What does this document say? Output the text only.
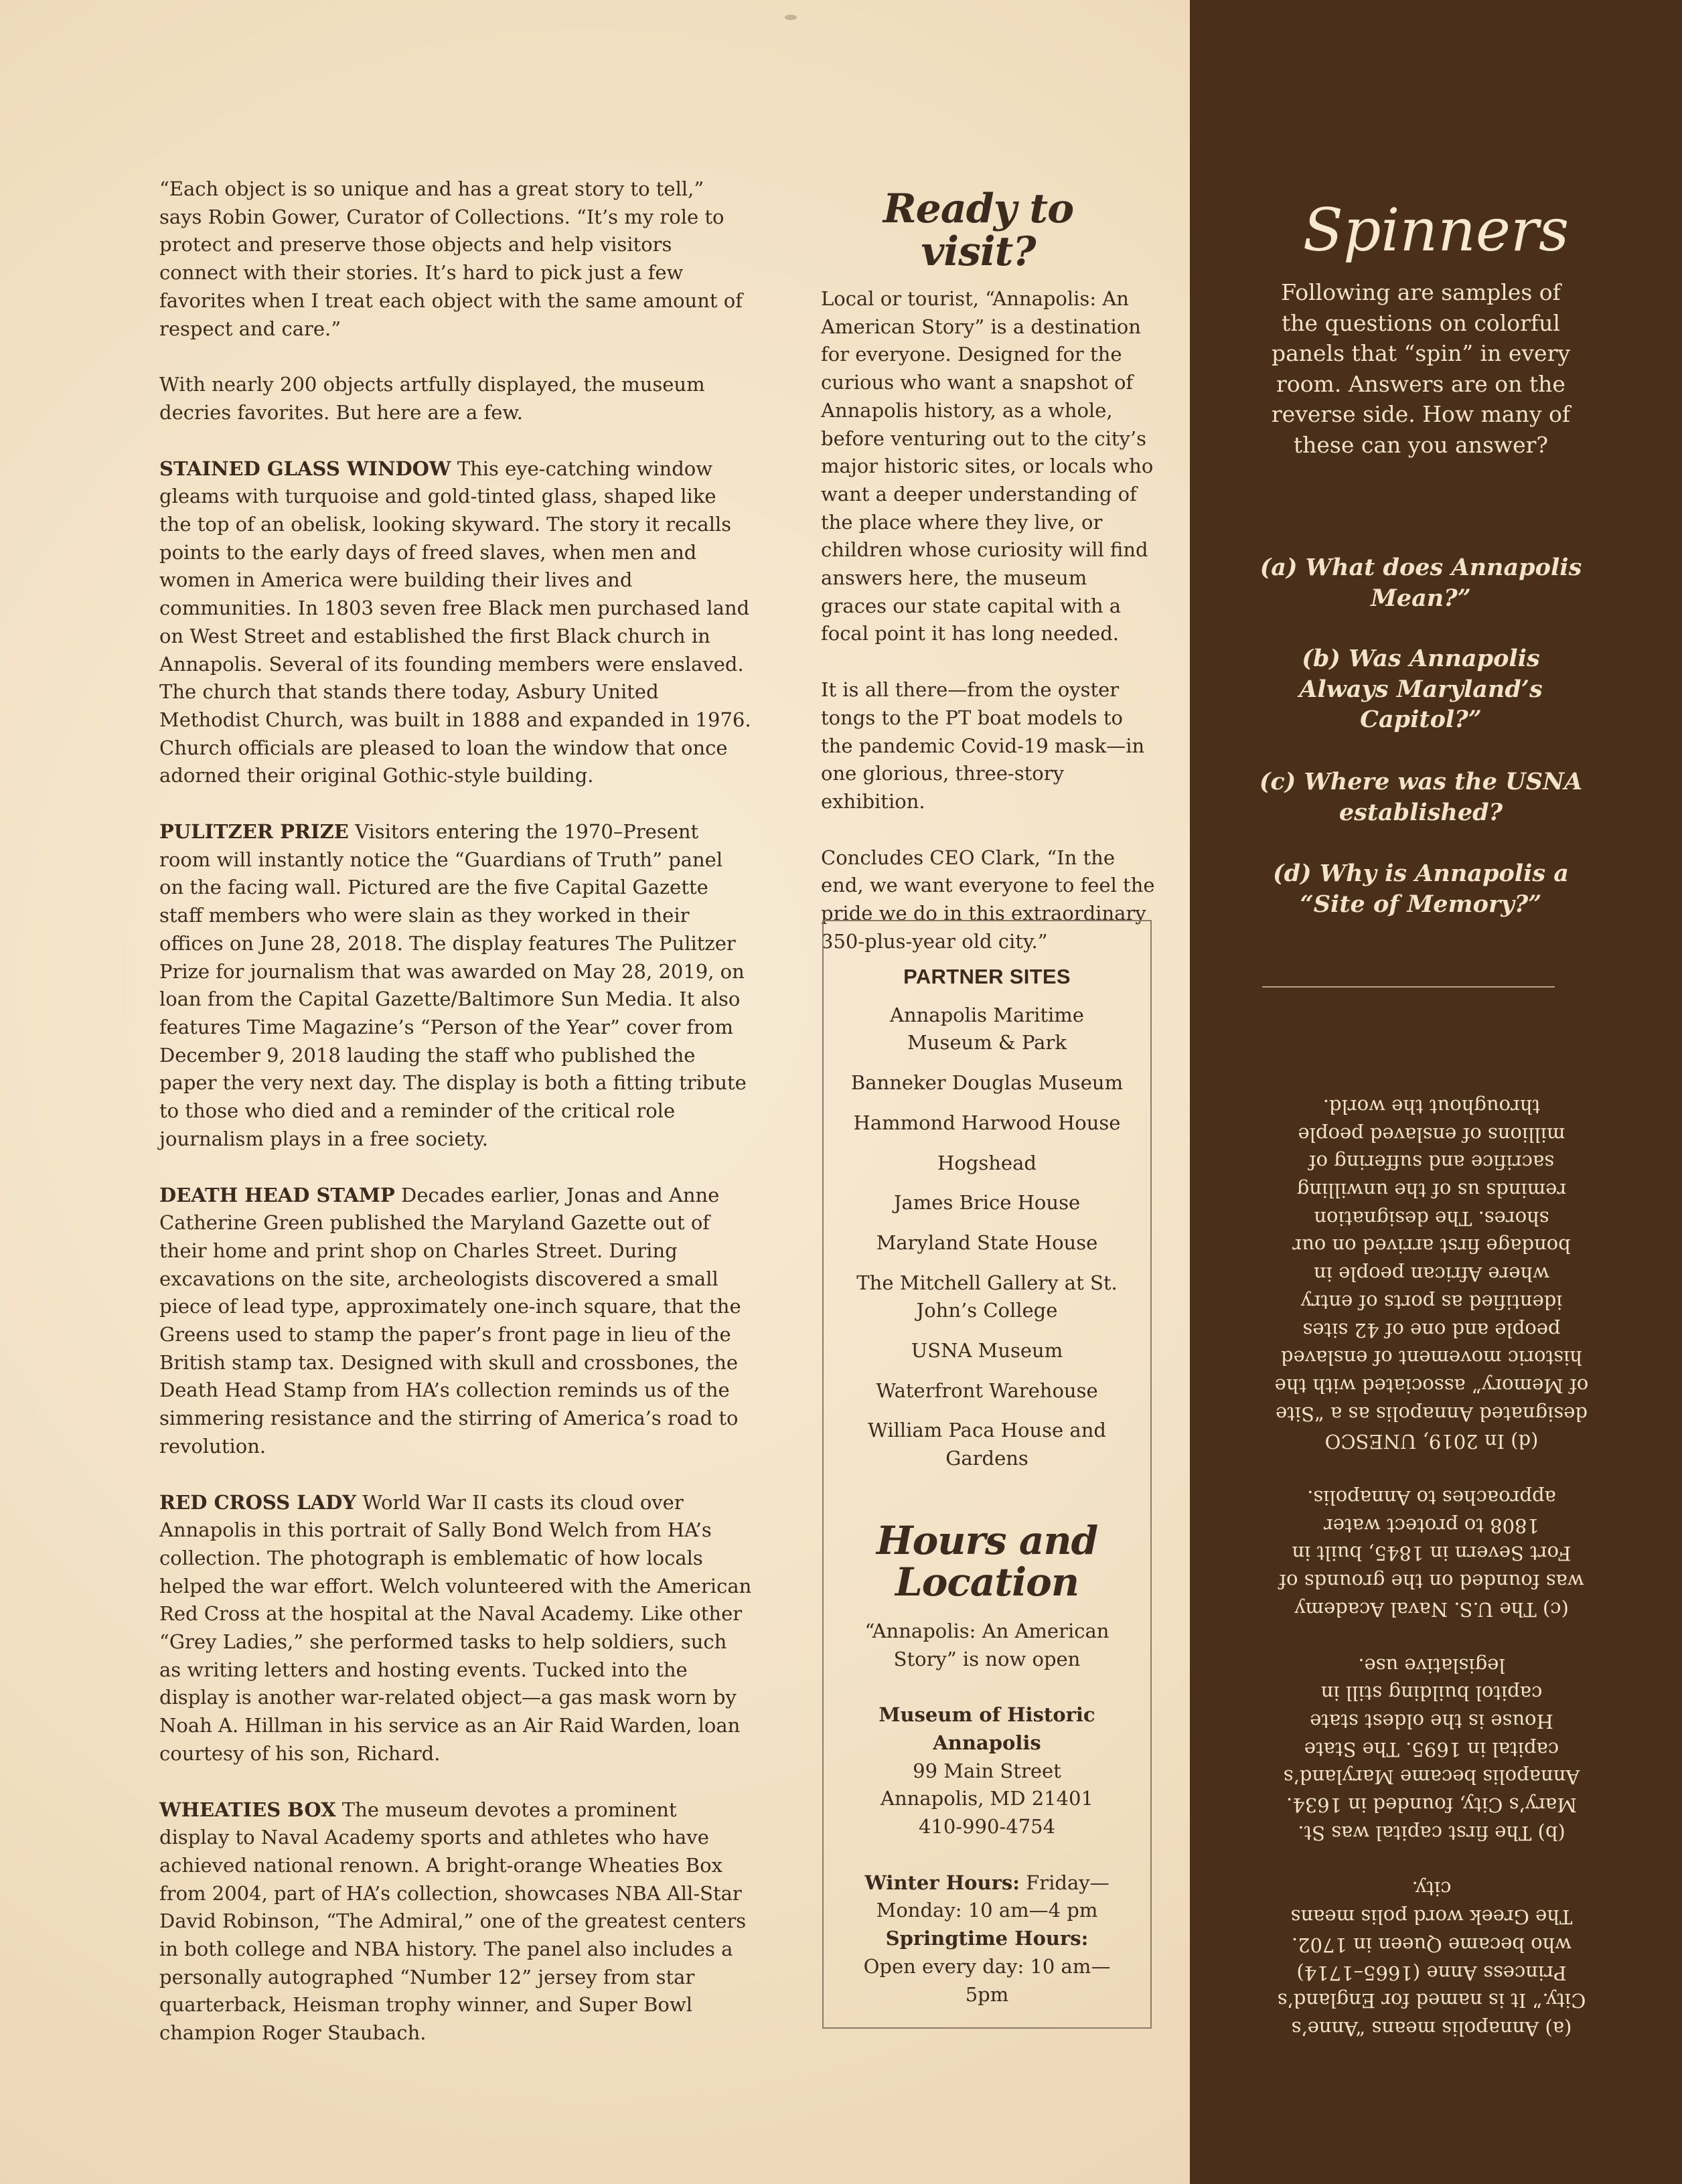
“Each object is so unique and has a great story to tell,” says Robin Gower, Curator of Collections. “It’s my role to protect and preserve those objects and help visitors connect with their stories. It’s hard to pick just a few favorites when I treat each object with the same amount of respect and care.”

With nearly 200 objects artfully displayed, the museum decries favorites. But here are a few.

STAINED GLASS WINDOW This eye-catching window gleams with turquoise and gold-tinted glass, shaped like the top of an obelisk, looking skyward. The story it recalls points to the early days of freed slaves, when men and women in America were building their lives and communities. In 1803 seven free Black men purchased land on West Street and established the first Black church in Annapolis. Several of its founding members were enslaved. The church that stands there today, Asbury United Methodist Church, was built in 1888 and expanded in 1976. Church officials are pleased to loan the window that once adorned their original Gothic-style building.

PULITZER PRIZE Visitors entering the 1970–Present room will instantly notice the “Guardians of Truth” panel on the facing wall. Pictured are the five Capital Gazette staff members who were slain as they worked in their offices on June 28, 2018. The display features The Pulitzer Prize for journalism that was awarded on May 28, 2019, on loan from the Capital Gazette/Baltimore Sun Media. It also features Time Magazine’s “Person of the Year” cover from December 9, 2018 lauding the staff who published the paper the very next day. The display is both a fitting tribute to those who died and a reminder of the critical role journalism plays in a free society.

DEATH HEAD STAMP Decades earlier, Jonas and Anne Catherine Green published the Maryland Gazette out of their home and print shop on Charles Street. During excavations on the site, archeologists discovered a small piece of lead type, approximately one-inch square, that the Greens used to stamp the paper’s front page in lieu of the British stamp tax. Designed with skull and crossbones, the Death Head Stamp from HA’s collection reminds us of the simmering resistance and the stirring of America’s road to revolution.

RED CROSS LADY World War II casts its cloud over Annapolis in this portrait of Sally Bond Welch from HA’s collection. The photograph is emblematic of how locals helped the war effort. Welch volunteered with the American Red Cross at the hospital at the Naval Academy. Like other “Grey Ladies,” she performed tasks to help soldiers, such as writing letters and hosting events. Tucked into the display is another war-related object—a gas mask worn by Noah A. Hillman in his service as an Air Raid Warden, loan courtesy of his son, Richard.

WHEATIES BOX The museum devotes a prominent display to Naval Academy sports and athletes who have achieved national renown. A bright-orange Wheaties Box from 2004, part of HA’s collection, showcases NBA All-Star David Robinson, “The Admiral,” one of the greatest centers in both college and NBA history. The panel also includes a personally autographed “Number 12” jersey from star quarterback, Heisman trophy winner, and Super Bowl champion Roger Staubach.

Ready to visit?

Local or tourist, “Annapolis: An American Story” is a destination for everyone. Designed for the curious who want a snapshot of Annapolis history, as a whole, before venturing out to the city’s major historic sites, or locals who want a deeper understanding of the place where they live, or children whose curiosity will find answers here, the museum graces our state capital with a focal point it has long needed.

It is all there—from the oyster tongs to the PT boat models to the pandemic Covid-19 mask—in one glorious, three-story exhibition.

Concludes CEO Clark, “In the end, we want everyone to feel the pride we do in this extraordinary 350-plus-year old city.”

PARTNER SITES
Annapolis Maritime Museum & Park
Banneker Douglas Museum
Hammond Harwood House
Hogshead
James Brice House
Maryland State House
The Mitchell Gallery at St. John’s College
USNA Museum
Waterfront Warehouse
William Paca House and Gardens
Hours and Location
“Annapolis: An American Story” is now open
Museum of Historic Annapolis
99 Main Street
Annapolis, MD 21401
410-990-4754
Winter Hours: Friday—Monday: 10 am—4 pm
Springtime Hours: Open every day: 10 am—5pm
Spinners
Following are samples of the questions on colorful panels that “spin” in every room. Answers are on the reverse side. How many of these can you answer?
(a) What does Annapolis Mean?”
(b) Was Annapolis Always Maryland’s Capitol?”
(c) Where was the USNA established?
(d) Why is Annapolis a “Site of Memory?”

(a) Annapolis means “Anne’s City.” It is named for England’s Princess Anne (1665–1714) who became Queen in 1702. The Greek word polis means city.

(b) The first capital was St. Mary’s City, founded in 1634. Annapolis became Maryland’s capital in 1695. The State House is the oldest state capitol building still in legislative use.

(c) The U.S. Naval Academy was founded on the grounds of Fort Severn in 1845, built in 1808 to protect water approaches to Annapolis.

(d) In 2019, UNESCO designated Annapolis as a “Site of Memory” associated with the historic movement of enslaved people and one of 42 sites identified as ports of entry where African people in bondage first arrived on our shores. The designation reminds us of the unwilling sacrifice and suffering of millions of enslaved people throughout the world.
